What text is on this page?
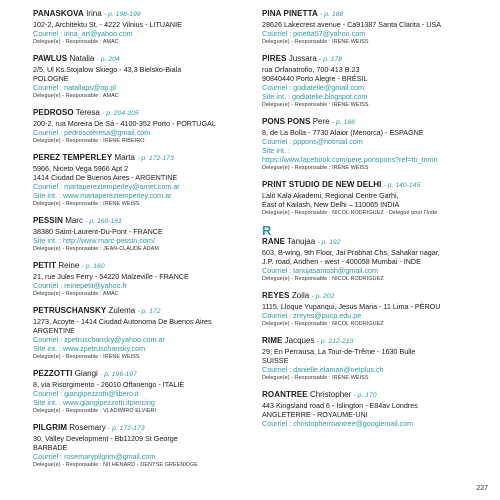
PANASKOVA Irina - p. 198-199

102-2, Architektu St. - 4222 Vilnius - LITUANIE

Courriel : irina_art@yahoo.com

Delegue(e) - Responsable : AMAC

PAWLUS Natalia - p. 204

2/5, Ul Ks.Stojalow Skiego - 43,3 Bielsko-Biala

POLOGNE

Courriel : natallaps@op.pl

Delegue(e) - Responsable : AMAC

PEDROSO Teresa - p. 204-205

200-2, rua Moreira De Sá - 4100-352 Porto - PORTUGAL

Courriel : pedrosoteresa@gmail.com

Delegue(e) - Responsable : IRÈNE RIBEIRO

PEREZ TEMPERLEY Marta - p. 172-173

5966, Niceto Vega 5966 Apt 2

1414 Ciudad De Buenos Aires - ARGENTINE

Courriel : martapereztemperley@arnet.com.ar

Site int. : www.martapereztemperley.com.ar

Delegue(e) - Responsable : IRÈNE WEISS

PESSIN Marc - p. 160-161

38380 Saint-Laurent-Du-Pont - FRANCE

Site int. : http://www.marc-pessin.com/

Delegue(e) - Responsable : JEAN-CLAUDE ADAM

PETIT Reine - p. 160

21, rue Jules Ferry - 54220 Malzeville - FRANCE

Courriel : reinepetit@yahoo.fr

Delegue(e) - Responsable : AMAC

PETRUSCHANSKY Zulema - p. 172

1273, Acoyte - 1414 Ciudad Autonoma De Buenos Aires

ARGENTINE

Courriel : zpetruschansky@yahoo.com.ar

Site int. : www.zpetruschansky.com

Delegue(e) - Responsable : IRÈNE WEISS

PEZZOTTI Giangi - p. 196-197

8, via Risorgimento - 26010 Offanengo - ITALIE

Courriel : giangipezzotti@libero.it

Site int. : www.giangipezzotti.itpiercing

Delegue(e) - Responsable : VLADIMIRO ELVIERI

PILGRIM Rosemary - p. 172-173

30, Valley Development - Bb11209 St George

BARBADE

Courriel : rosemarypilgrim@gmail.com

Delegue(e) - Responsable : NII HENARD - DENYSE GREENIDGE

PINA PINETTA - p. 188

28626 Lakecrest avenue - Ca91387 Santa Clarita - USA

Courriel : pinetta57@yahoo.com

Delegue(e) - Responsable : IRÈNE WEISS

PIRES Jussara - p. 178

rua Orfanatrofio, 700-413 B.23

90840440 Porto Alegre - BRÉSIL

Courriel : godiatelle@gmail.com

Site int. : godiatelie.blogspot.com

Delegue(e) - Responsable : IRÈNE WEISS

PONS PONS Pere - p. 186

8, de La Bolla - 7730 Alaior (Menorca) - ESPAGNE

Courriel : pppons@hotmail.com

Site int. :

https://www.facebook.com/pere.ponspons?ref=tn_tnmn

Delegue(e) - Responsable : IRÈNE WEISS

PRINT STUDIO DE NEW DELHI - p. 140-145

Lalit Kala Akademi, Regional Centre Garhi,

East of Kailash, New Delhi – 110065 INDIA

Delegue(e) - Responsable : NICOL RODRIGUEZ - Délégué pour l'Inde

R
RANE Tanujaa - p. 192

603, B-wing, 9th Floor, Jai Prabhat Chs, Sahakar nagar,

J.P. road, Andheri - west - 400058 Mumbai - INDE

Courriel : tanujasantosh@gmail.com

Delegue(e) - Responsable : NICOL RODRIGUEZ

REYES Zoila - p. 202

1115, Lloque Yupanqui, Jesus Maria - 11 Lima - PÉROU

Courriel : zreyes@pucp.edu.pe

Delegue(e) - Responsable : NICOL RODRIGUEZ

RIME Jacques - p. 212-213

29, En Perrausa, La Tour-de-Trême - 1630 Bulle

SUISSE

Courriel : danielle.elamari@netplus.ch

Delegue(e) - Responsable : IRÈNE WEISS

ROANTREE Christopher - p. 170

443 Kingsland road 6 - Islington - E84av Londres

ANGLETERRE - ROYAUME-UNI

Courriel : christopherroantree@googlemail.com

227
